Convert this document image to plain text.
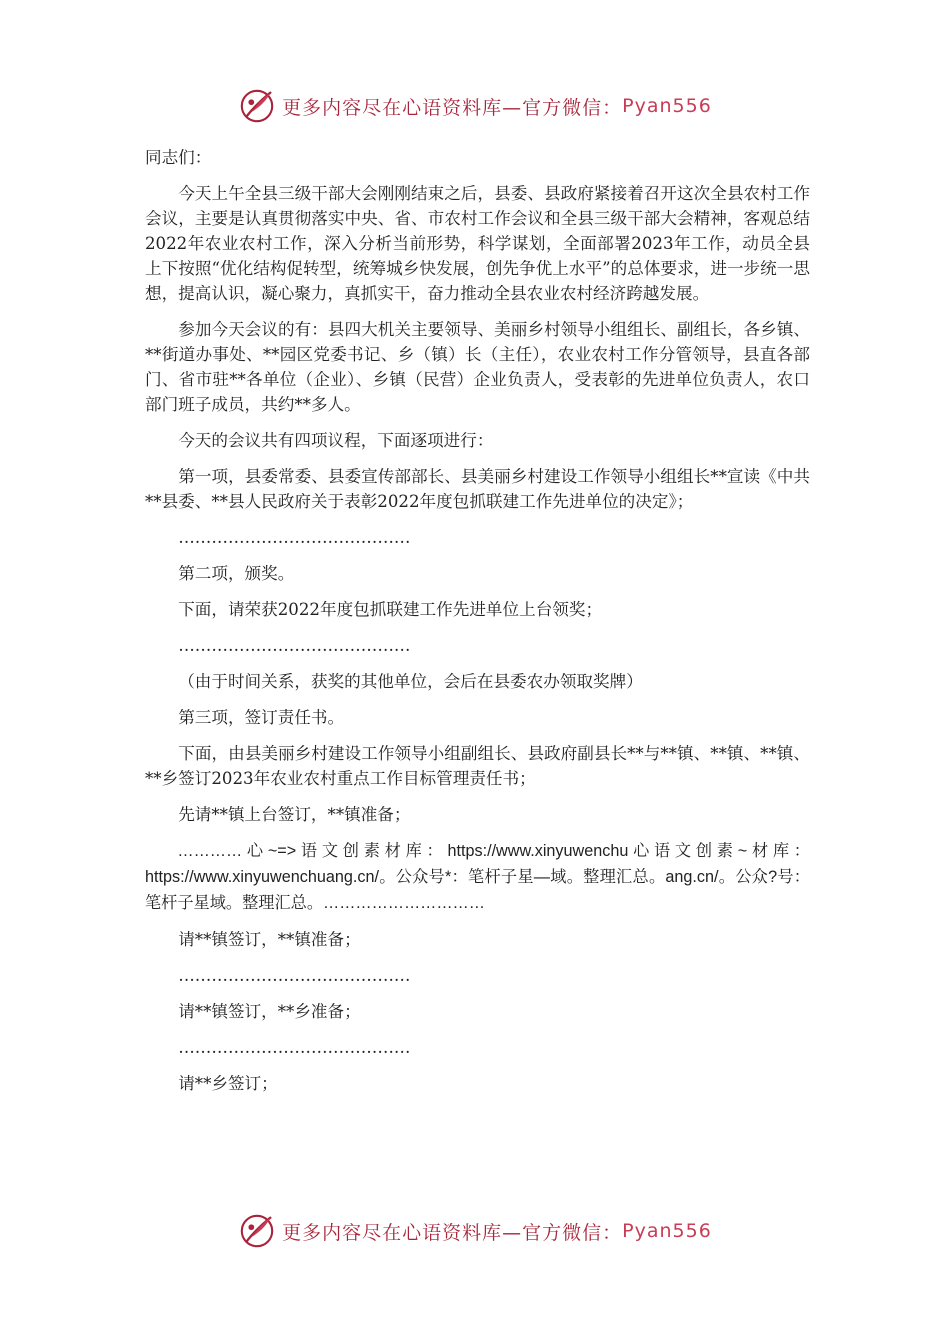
更多内容尽在心语资料库—官方微信： Pyan556

同志们：

今天上午全县三级干部大会刚刚结束之后，县委、县政府紧接着召开这次全县农村工作会议，主要是认真贯彻落实中央、省、市农村工作会议和全县三级干部大会精神，客观总结2022年农业农村工作，深入分析当前形势，科学谋划，全面部署2023年工作，动员全县上下按照“优化结构促转型，统筹城乡快发展，创先争优上水平”的总体要求，进一步统一思想，提高认识，凝心聚力，真抓实干，奋力推动全县农业农村经济跨越发展。

参加今天会议的有：县四大机关主要领导、美丽乡村领导小组组长、副组长，各乡镇、**街道办事处、**园区党委书记、乡（镇）长（主任），农业农村工作分管领导，县直各部门、省市驻**各单位（企业）、乡镇（民营）企业负责人，受表彰的先进单位负责人，农口部门班子成员，共约**多人。

今天的会议共有四项议程，下面逐项进行：

第一项，县委常委、县委宣传部部长、县美丽乡村建设工作领导小组组长**宣读《中共**县委、**县人民政府关于表彰2022年度包抓联建工作先进单位的决定》；

……………………………………

第二项，颁奖。

下面，请荣获2022年度包抓联建工作先进单位上台领奖；

……………………………………

（由于时间关系，获奖的其他单位，会后在县委农办领取奖牌）

第三项，签订责任书。

下面，由县美丽乡村建设工作领导小组副组长、县政府副县长**与**镇、**镇、**镇、**乡签订2023年农业农村重点工作目标管理责任书；

先请**镇上台签订，**镇准备；

…………心~=>语文创素材库：https://www.xinyuwenchu心语文创素~材库：https://www.xinyuwenchuang.cn/。公众号*：笔杆子星—域。整理汇总。ang.cn/。公众?号：笔杆子星域。整理汇总。…………………………

请**镇签订，**镇准备；

……………………………………

请**镇签订，**乡准备；

……………………………………

请**乡签订；

更多内容尽在心语资料库—官方微信： Pyan556
